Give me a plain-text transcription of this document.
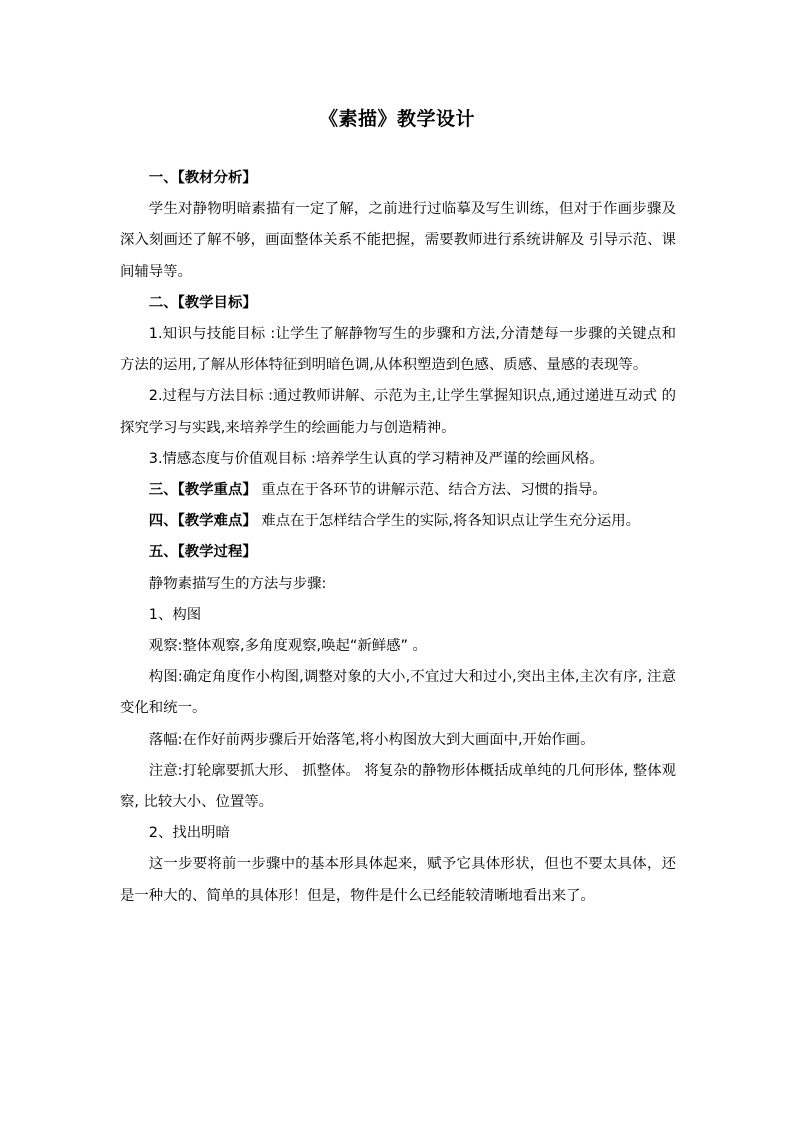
《素描》教学设计

一、【教材分析】

学生对静物明暗素描有一定了解，之前进行过临摹及写生训练，但对于作画步骤及深入刻画还了解不够，画面整体关系不能把握，需要教师进行系统讲解及 引导示范、课间辅导等。

二、【教学目标】

1.知识与技能目标 :让学生了解静物写生的步骤和方法,分清楚每一步骤的关键点和 方法的运用,了解从形体特征到明暗色调,从体积塑造到色感、质感、量感的表现等。

2.过程与方法目标 :通过教师讲解、示范为主,让学生掌握知识点,通过递进互动式 的探究学习与实践,来培养学生的绘画能力与创造精神。

3.情感态度与价值观目标 :培养学生认真的学习精神及严谨的绘画风格。

三、【教学重点】 重点在于各环节的讲解示范、结合方法、习惯的指导。

四、【教学难点】 难点在于怎样结合学生的实际,将各知识点让学生充分运用。

五、【教学过程】

静物素描写生的方法与步骤:

1、构图

观察:整体观察,多角度观察,唤起“新鲜感” 。

构图:确定角度作小构图,调整对象的大小,不宜过大和过小,突出主体,主次有序, 注意变化和统一。

落幅:在作好前两步骤后开始落笔,将小构图放大到大画面中,开始作画。

注意:打轮廓要抓大形、 抓整体。 将复杂的静物形体概括成单纯的几何形体, 整体观察, 比较大小、位置等。

2、找出明暗

这一步要将前一步骤中的基本形具体起来，赋予它具体形状，但也不要太具体，还是一种大的、简单的具体形！但是，物件是什么已经能较清晰地看出来了。
